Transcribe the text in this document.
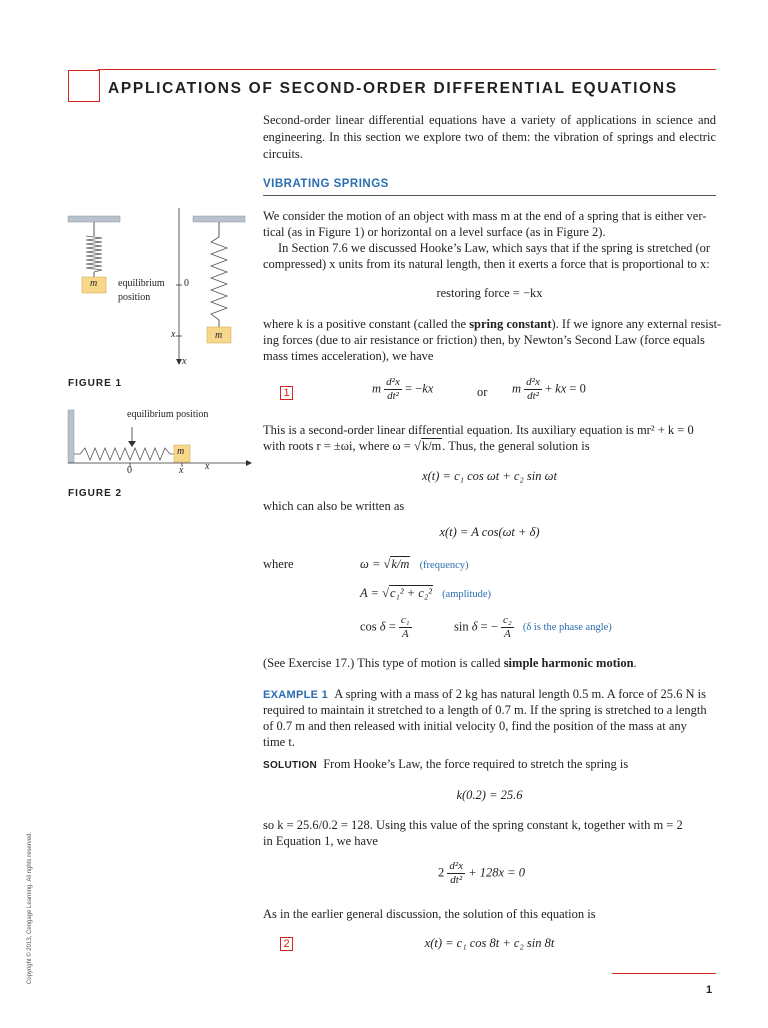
APPLICATIONS OF SECOND-ORDER DIFFERENTIAL EQUATIONS
Second-order linear differential equations have a variety of applications in science and engineering. In this section we explore two of them: the vibration of springs and electric circuits.
VIBRATING SPRINGS
We consider the motion of an object with mass m at the end of a spring that is either ver-
tical (as in Figure 1) or horizontal on a level surface (as in Figure 2).
In Section 7.6 we discussed Hooke’s Law, which says that if the spring is stretched (or
compressed) x units from its natural length, then it exerts a force that is proportional to x:
restoring force = −kx
where k is a positive constant (called the spring constant). If we ignore any external resist-
ing forces (due to air resistance or friction) then, by Newton’s Second Law (force equals
mass times acceleration), we have
1	m $\frac{\text{d²x}}{\text{dt²}} = -kx$	or m $\frac{\text{d²x}}{\text{dt²}}$ + kx = 0
This is a second-order linear differential equation. Its auxiliary equation is mr² + k = 0
with roots r = ±ωi, where ω = √k/m. Thus, the general solution is
x(t) = c₁ cos ωt + c₂ sin ωt
which can also be written as
x(t) = A cos(ωt + δ)
where	ω = √k/m (frequency)
A = √c₁² + c₂² (amplitude)
$\cos \delta = \frac{\text{c₁}}{A}$	sin δ = − $\frac{\text{c₂}}{A} (\delta$ is the phase angle)
(See Exercise 17.) This type of motion is called simple harmonic motion.
EXAMPLE 1 A spring with a mass of 2 kg has natural length 0.5 m. A force of 25.6 N is
required to maintain it stretched to a length of 0.7 m. If the spring is stretched to a length
of 0.7 m and then released with initial velocity 0, find the position of the mass at any
time t.
SOLUTION From Hooke’s Law, the force required to stretch the spring is
k(0.2) = 25.6
so k = 25.6/0.2 = 128. Using this value of the spring constant k, together with m = 2
in Equation 1, we have
$2 \frac{\text{d²x}}{\text{dt²}} + 128x = 0$
As in the earlier general discussion, the solution of this equation is
2	x(t) = c₁ cos 8t + c₂ sin 8t
1
Copyright © 2013, Cengage Learning. All rights reserved.
m equilibrium
position
0
x	m
x
FIGURE 1
equilibrium position
m
0	x x
FIGURE 2
